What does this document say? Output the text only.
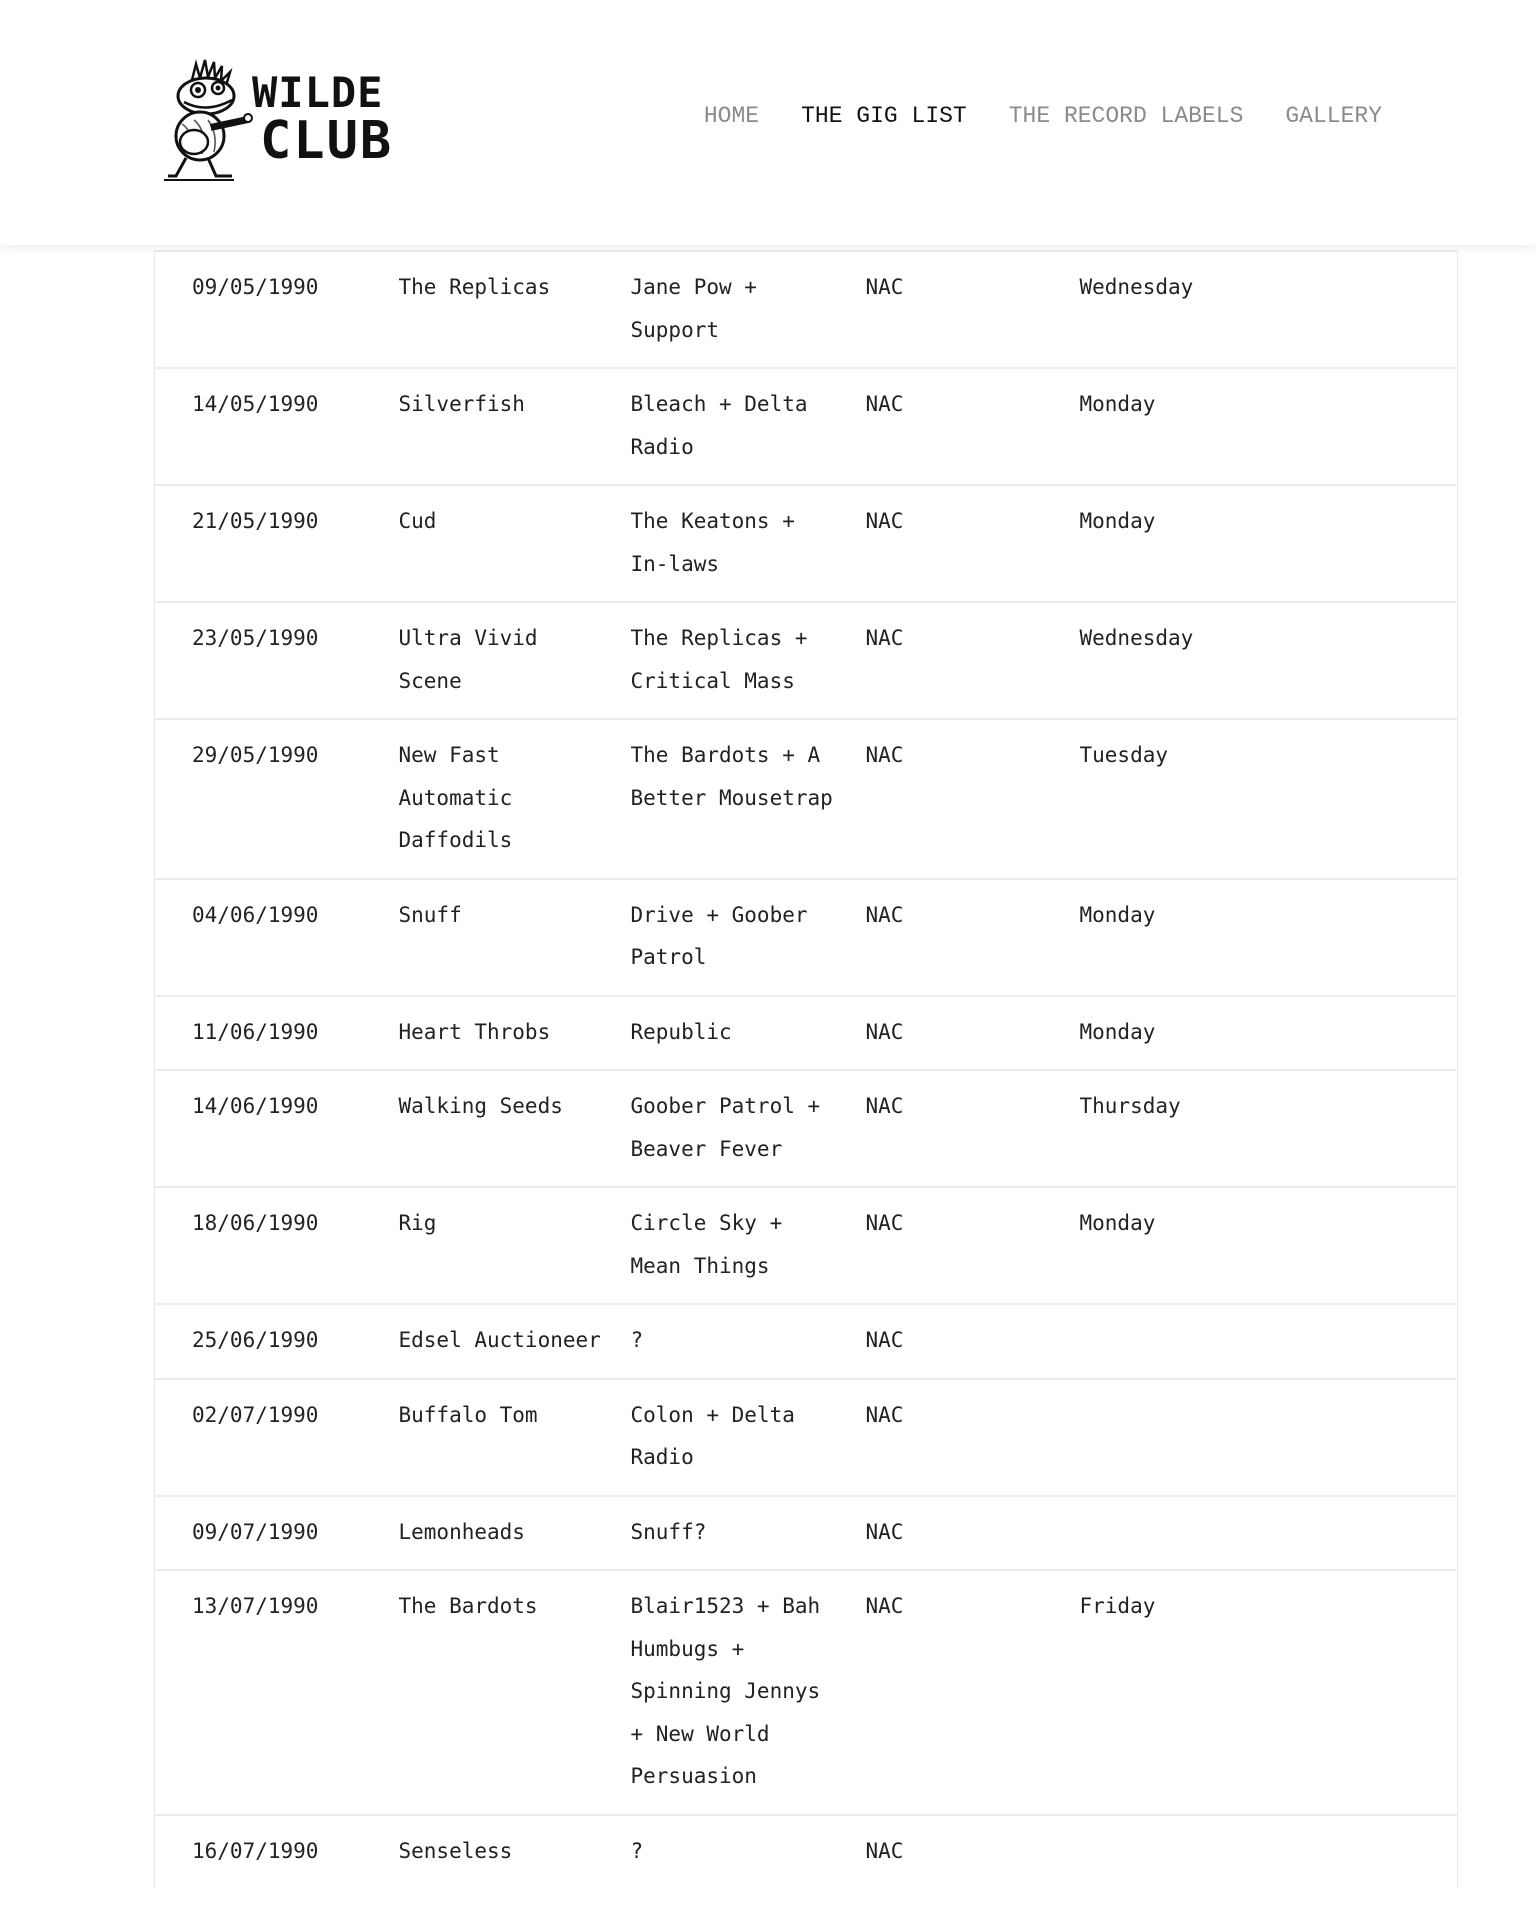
WILDE
CLUB	HOME THE GIG LIST THE RECORD LABELS GALLERY
09/05/1990	The Replicas	Jane Pow + Support	NAC	Wednesday
14/05/1990	Silverfish	Bleach + Delta Radio	NAC	Monday
21/05/1990	Cud	The Keatons + In-laws	NAC	Monday
23/05/1990	Ultra Vivid Scene	The Replicas + Critical Mass	NAC	Wednesday
29/05/1990	New Fast Automatic Daffodils	The Bardots + A Better Mousetrap	NAC	Tuesday
04/06/1990	Snuff	Drive + Goober Patrol	NAC	Monday
11/06/1990	Heart Throbs	Republic	NAC	Monday
14/06/1990	Walking Seeds	Goober Patrol + Beaver Fever	NAC	Thursday
18/06/1990	Rig	Circle Sky + Mean Things	NAC	Monday
25/06/1990	Edsel Auctioneer	?	NAC	
02/07/1990	Buffalo Tom	Colon + Delta Radio	NAC	
09/07/1990	Lemonheads	Snuff?	NAC	
13/07/1990	The Bardots	Blair1523 + Bah Humbugs + Spinning Jennys + New World Persuasion	NAC	Friday
16/07/1990	Senseless	?	NAC	
